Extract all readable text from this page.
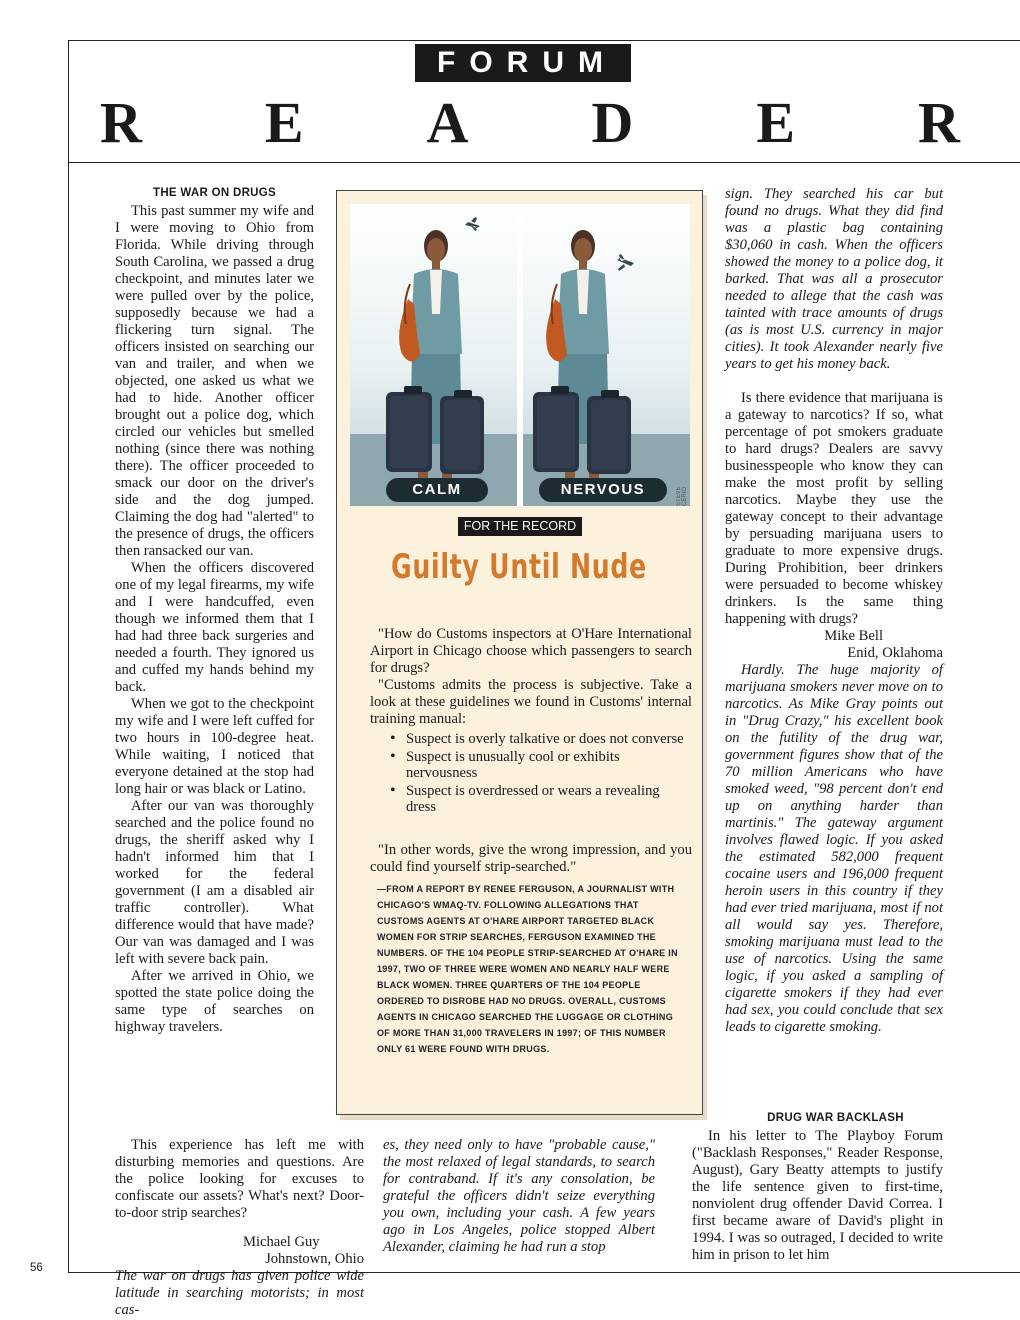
FORUM
R E A D E R

THE WAR ON DRUGS

This past summer my wife and I were moving to Ohio from Florida. While driving through South Carolina, we passed a drug checkpoint, and minutes later we were pulled over by the police, supposedly because we had a flickering turn signal. The officers insisted on searching our van and trailer, and when we objected, one asked us what we had to hide. Another officer brought out a police dog, which circled our vehicles but smelled nothing (since there was nothing there). The officer proceeded to smack our door on the driver's side and the dog jumped. Claiming the dog had "alerted" to the presence of drugs, the officers then ransacked our van.

When the officers discovered one of my legal firearms, my wife and I were handcuffed, even though we informed them that I had had three back surgeries and needed a fourth. They ignored us and cuffed my hands behind my back.

When we got to the checkpoint my wife and I were left cuffed for two hours in 100-degree heat. While waiting, I noticed that everyone detained at the stop had long hair or was black or Latino.

After our van was thoroughly searched and the police found no drugs, the sheriff asked why I hadn't informed him that I worked for the federal government (I am a disabled air traffic controller). What difference would that have made? Our van was damaged and I was left with severe back pain.

After we arrived in Ohio, we spotted the state police doing the same type of searches on highway travelers.

This experience has left me with disturbing memories and questions. Are the police looking for excuses to confiscate our assets? What's next? Door-to-door strip searches?

Michael Guy

Johnstown, Ohio

The war on drugs has given police wide latitude in searching motorists; in most cas-

es, they need only to have "probable cause," the most relaxed of legal standards, to search for contraband. If it's any consolation, be grateful the officers didn't seize everything you own, including your cash. A few years ago in Los Angeles, police stopped Albert Alexander, claiming he had run a stop

CALM	NERVOUS	STEVE CERIO
FOR THE RECORD
Guilty Until Nude

"How do Customs inspectors at O'Hare International Airport in Chicago choose which passengers to search for drugs?

"Customs admits the process is subjective. Take a look at these guidelines we found in Customs' internal training manual:

• Suspect is overly talkative or does not converse
• Suspect is unusually cool or exhibits nervousness
• Suspect is overdressed or wears a revealing dress

"In other words, give the wrong impression, and you could find yourself strip-searched."

—FROM A REPORT BY RENEE FERGUSON, A JOURNALIST WITH CHICAGO'S WMAQ-TV. FOLLOWING ALLEGATIONS THAT CUSTOMS AGENTS AT O'HARE AIRPORT TARGETED BLACK WOMEN FOR STRIP SEARCHES, FERGUSON EXAMINED THE NUMBERS. OF THE 104 PEOPLE STRIP-SEARCHED AT O'HARE IN 1997, TWO OF THREE WERE WOMEN AND NEARLY HALF WERE BLACK WOMEN. THREE QUARTERS OF THE 104 PEOPLE ORDERED TO DISROBE HAD NO DRUGS. OVERALL, CUSTOMS AGENTS IN CHICAGO SEARCHED THE LUGGAGE OR CLOTHING OF MORE THAN 31,000 TRAVELERS IN 1997; OF THIS NUMBER ONLY 61 WERE FOUND WITH DRUGS.

sign. They searched his car but found no drugs. What they did find was a plastic bag containing $30,060 in cash. When the officers showed the money to a police dog, it barked. That was all a prosecutor needed to allege that the cash was tainted with trace amounts of drugs (as is most U.S. currency in major cities). It took Alexander nearly five years to get his money back.

Is there evidence that marijuana is a gateway to narcotics? If so, what percentage of pot smokers graduate to hard drugs? Dealers are savvy businesspeople who know they can make the most profit by selling narcotics. Maybe they use the gateway concept to their advantage by persuading marijuana users to graduate to more expensive drugs. During Prohibition, beer drinkers were persuaded to become whiskey drinkers. Is the same thing happening with drugs?

Mike Bell

Enid, Oklahoma

Hardly. The huge majority of marijuana smokers never move on to narcotics. As Mike Gray points out in "Drug Crazy," his excellent book on the futility of the drug war, government figures show that of the 70 million Americans who have smoked weed, "98 percent don't end up on anything harder than martinis." The gateway argument involves flawed logic. If you asked the estimated 582,000 frequent cocaine users and 196,000 frequent heroin users in this country if they had ever tried marijuana, most if not all would say yes. Therefore, smoking marijuana must lead to the use of narcotics. Using the same logic, if you asked a sampling of cigarette smokers if they had ever had sex, you could conclude that sex leads to cigarette smoking.

DRUG WAR BACKLASH

In his letter to The Playboy Forum ("Backlash Responses," Reader Response, August), Gary Beatty attempts to justify the life sentence given to first-time, nonviolent drug offender David Correa. I first became aware of David's plight in 1994. I was so outraged, I decided to write him in prison to let him

56
